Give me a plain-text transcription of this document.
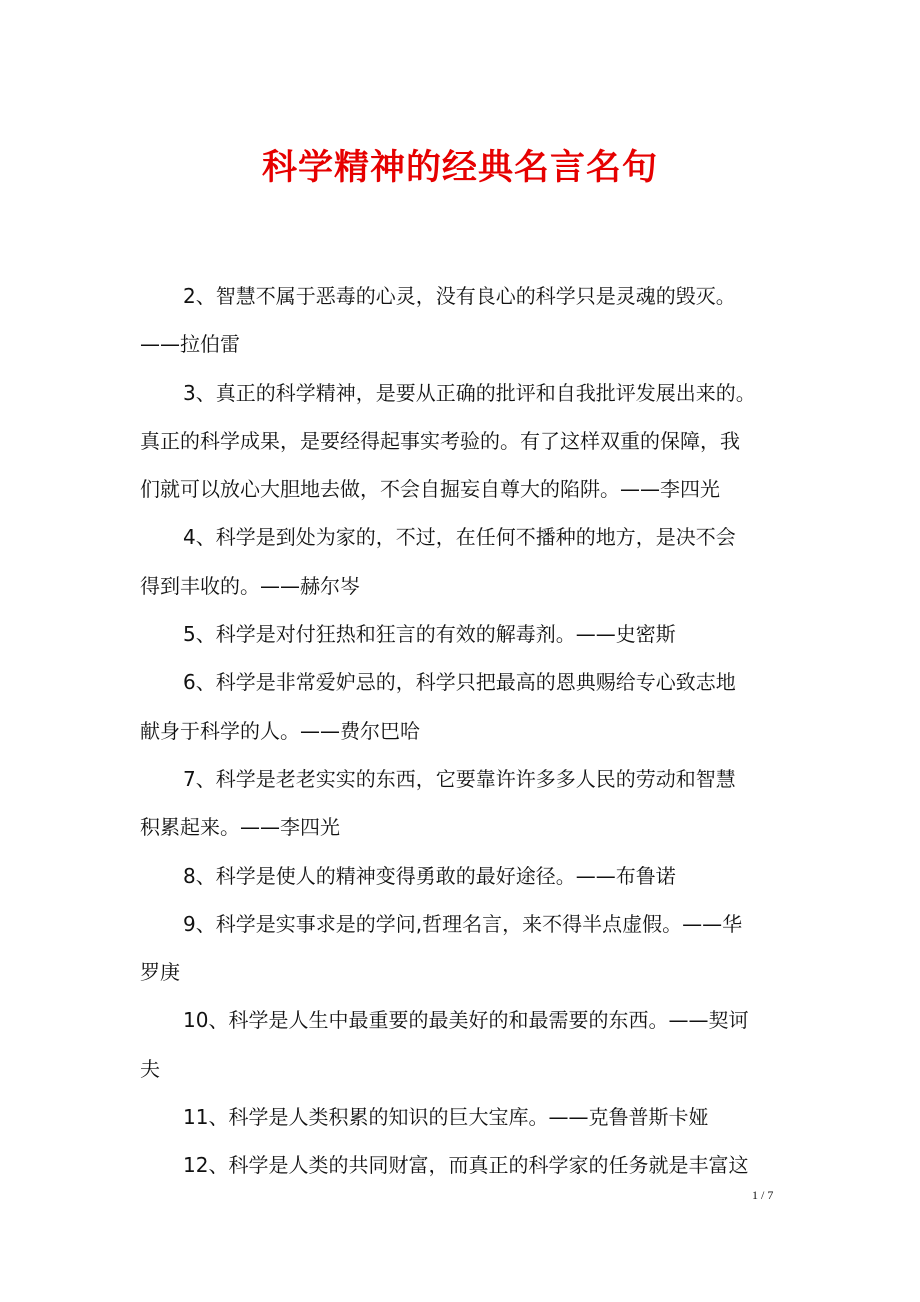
科学精神的经典名言名句
2、智慧不属于恶毒的心灵，没有良心的科学只是灵魂的毁灭。
——拉伯雷
3、真正的科学精神，是要从正确的批评和自我批评发展出来的。
真正的科学成果，是要经得起事实考验的。有了这样双重的保障，我
们就可以放心大胆地去做，不会自掘妄自尊大的陷阱。——李四光
4、科学是到处为家的，不过，在任何不播种的地方，是决不会
得到丰收的。——赫尔岑
5、科学是对付狂热和狂言的有效的解毒剂。——史密斯
6、科学是非常爱妒忌的，科学只把最高的恩典赐给专心致志地
献身于科学的人。——费尔巴哈
7、科学是老老实实的东西，它要靠许许多多人民的劳动和智慧
积累起来。——李四光
8、科学是使人的精神变得勇敢的最好途径。——布鲁诺
9、科学是实事求是的学问,哲理名言，来不得半点虚假。——华
罗庚
10、科学是人生中最重要的最美好的和最需要的东西。——契诃
夫
11、科学是人类积累的知识的巨大宝库。——克鲁普斯卡娅
12、科学是人类的共同财富，而真正的科学家的任务就是丰富这
1 / 7
